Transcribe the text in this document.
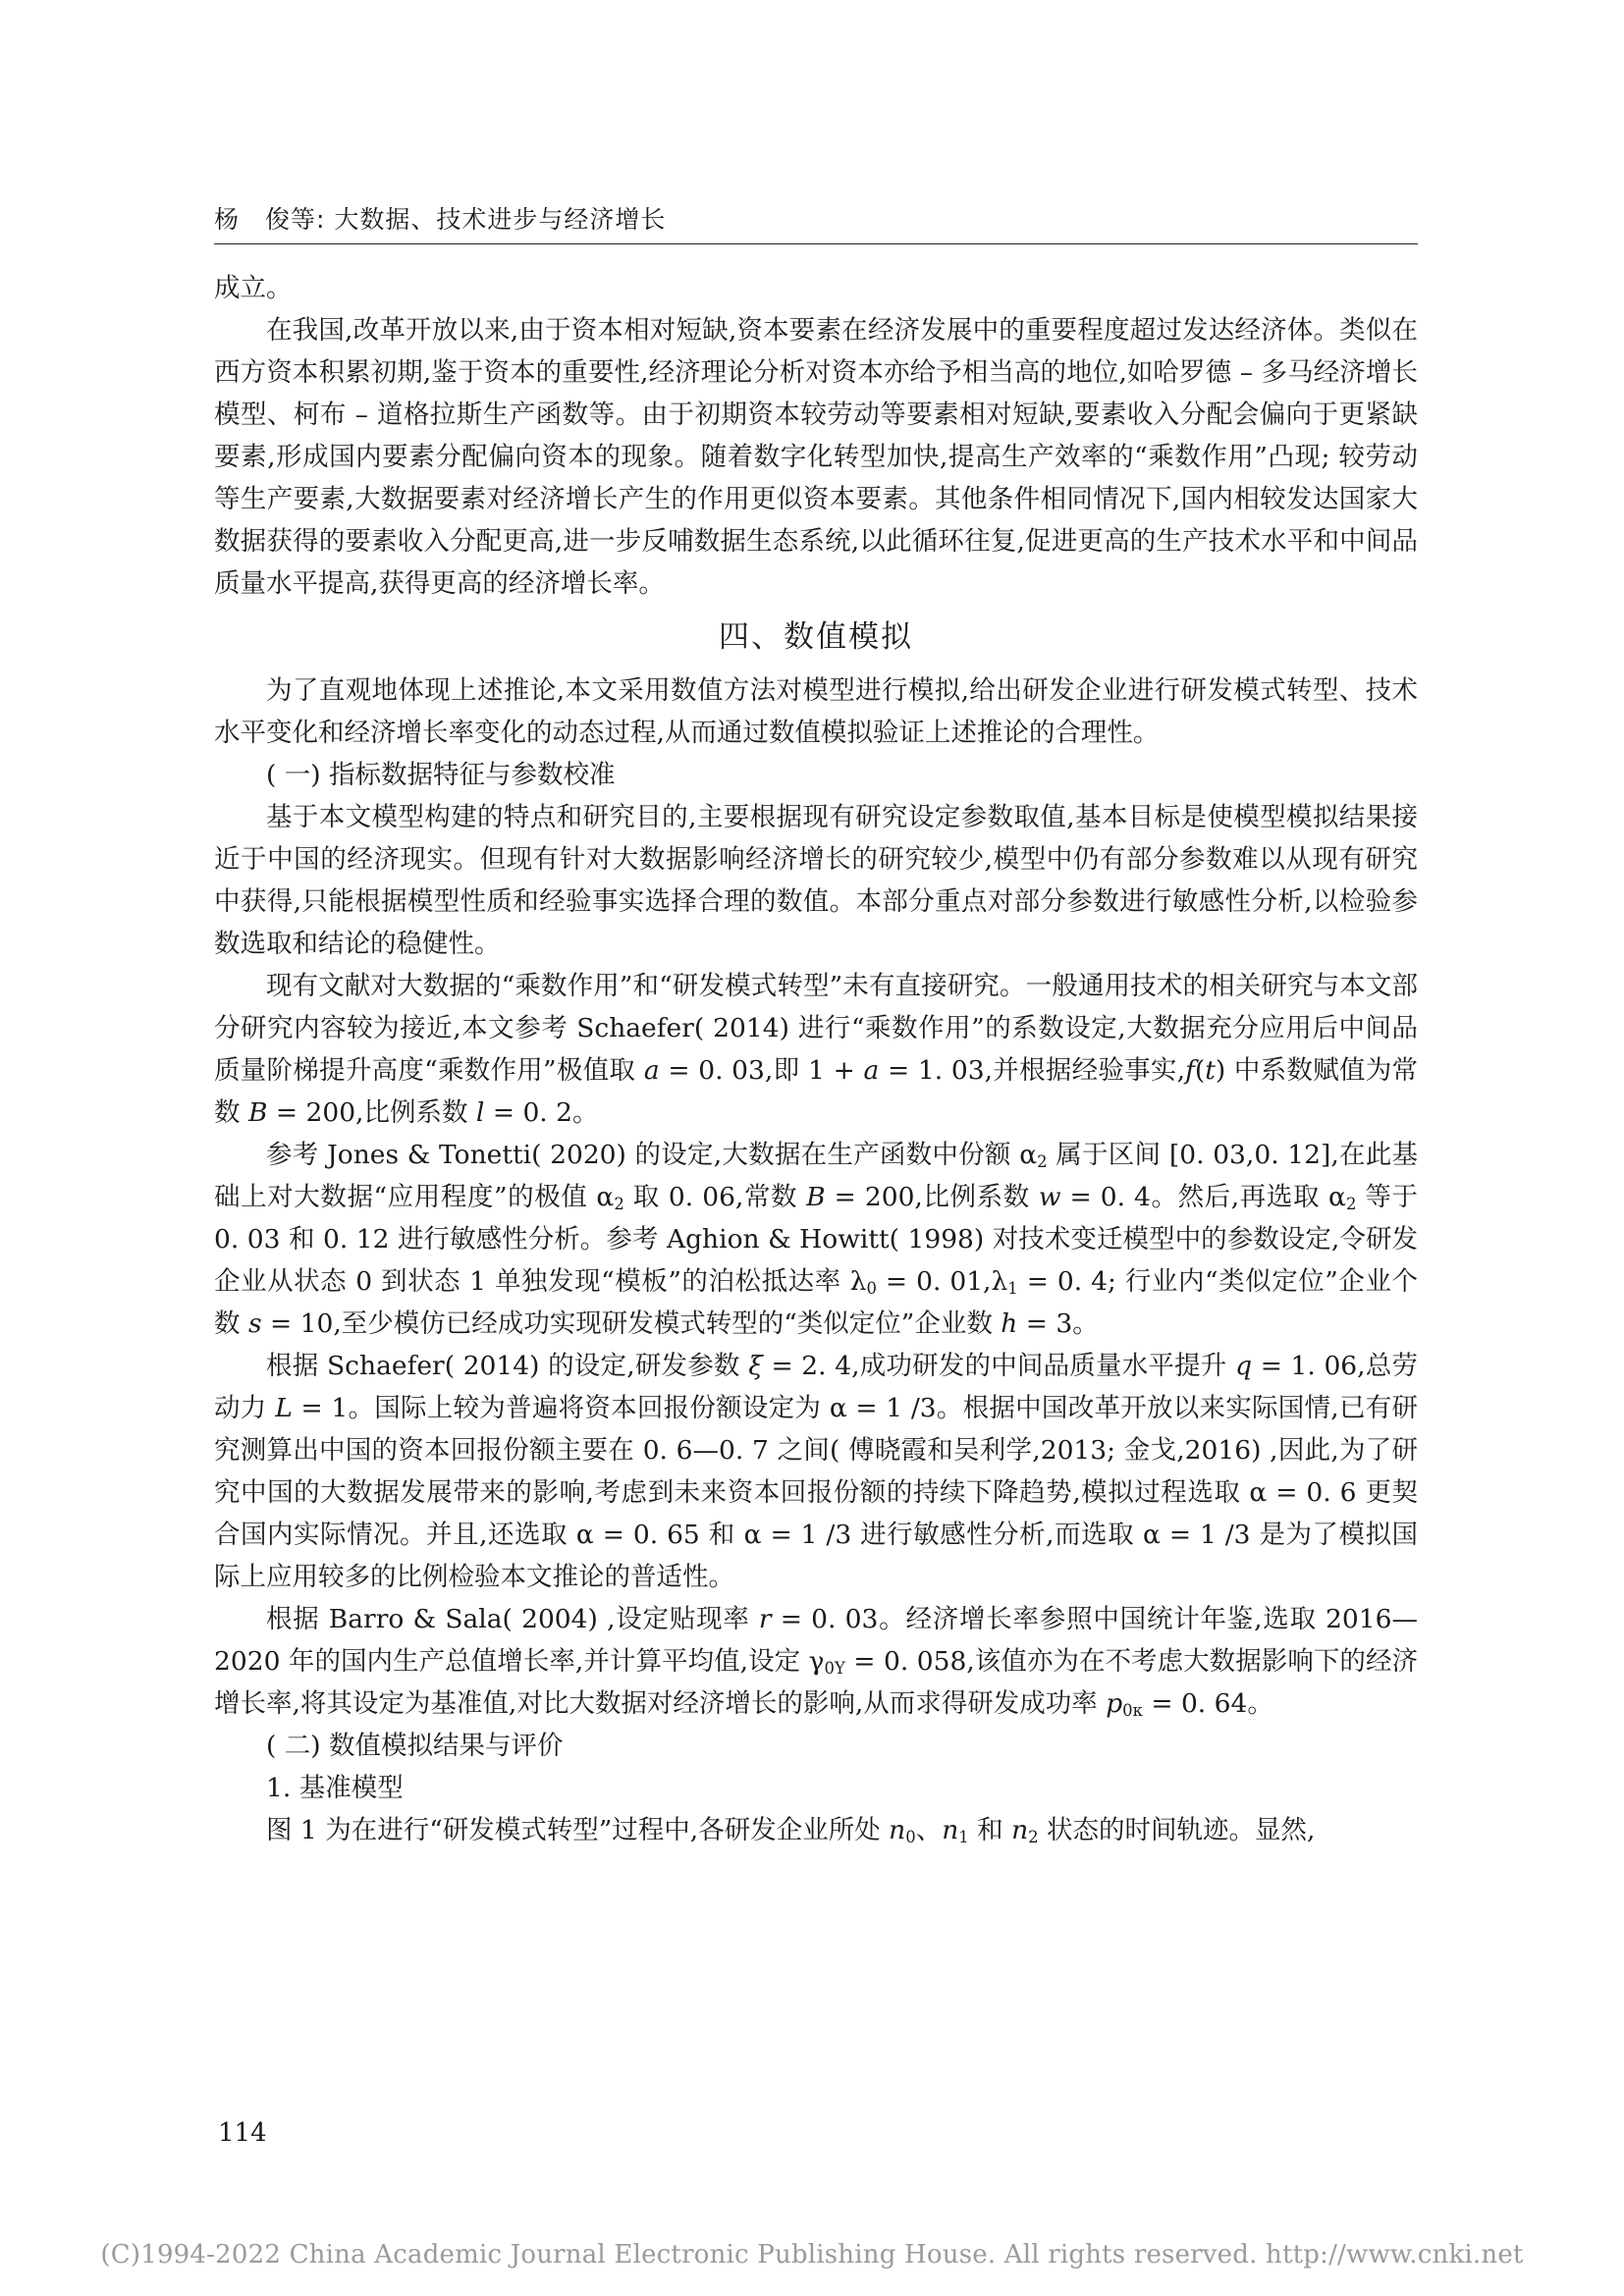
杨　俊等: 大数据、技术进步与经济增长

成立。

在我国,改革开放以来,由于资本相对短缺,资本要素在经济发展中的重要程度超过发达经济体。类似在西方资本积累初期,鉴于资本的重要性,经济理论分析对资本亦给予相当高的地位,如哈罗德 – 多马经济增长模型、柯布 – 道格拉斯生产函数等。由于初期资本较劳动等要素相对短缺,要素收入分配会偏向于更紧缺要素,形成国内要素分配偏向资本的现象。随着数字化转型加快,提高生产效率的“乘数作用”凸现; 较劳动等生产要素,大数据要素对经济增长产生的作用更似资本要素。其他条件相同情况下,国内相较发达国家大数据获得的要素收入分配更高,进一步反哺数据生态系统,以此循环往复,促进更高的生产技术水平和中间品质量水平提高,获得更高的经济增长率。

四、数值模拟

为了直观地体现上述推论,本文采用数值方法对模型进行模拟,给出研发企业进行研发模式转型、技术水平变化和经济增长率变化的动态过程,从而通过数值模拟验证上述推论的合理性。

( 一) 指标数据特征与参数校准

基于本文模型构建的特点和研究目的,主要根据现有研究设定参数取值,基本目标是使模型模拟结果接近于中国的经济现实。但现有针对大数据影响经济增长的研究较少,模型中仍有部分参数难以从现有研究中获得,只能根据模型性质和经验事实选择合理的数值。本部分重点对部分参数进行敏感性分析,以检验参数选取和结论的稳健性。

现有文献对大数据的“乘数作用”和“研发模式转型”未有直接研究。一般通用技术的相关研究与本文部分研究内容较为接近,本文参考 Schaefer( 2014) 进行“乘数作用”的系数设定,大数据充分应用后中间品质量阶梯提升高度“乘数作用”极值取 a = 0. 03,即 1 + a = 1. 03,并根据经验事实,f(t) 中系数赋值为常数 B = 200,比例系数 l = 0. 2。

参考 Jones & Tonetti( 2020) 的设定,大数据在生产函数中份额 $\alpha_2$ 属于区间 [0. 03,0. 12],在此基础上对大数据“应用程度”的极值 $\alpha_2$ 取 0. 06,常数 B = 200,比例系数 w = 0. 4。然后,再选取 $\alpha_2$ 等于 0. 03 和 0. 12 进行敏感性分析。参考 Aghion & Howitt( 1998) 对技术变迁模型中的参数设定,令研发企业从状态 0 到状态 1 单独发现“模板”的泊松抵达率 $\lambda_0 = 0$. $01,\lambda_1 = 0$. 4; 行业内“类似定位”企业个数 s = 10,至少模仿已经成功实现研发模式转型的“类似定位”企业数 h = 3。

根据 Schaefer( 2014) 的设定,研发参数 ξ = 2. 4,成功研发的中间品质量水平提升 q = 1. 06,总劳动力 L = 1。国际上较为普遍将资本回报份额设定为 α = 1 /3。根据中国改革开放以来实际国情,已有研究测算出中国的资本回报份额主要在 0. 6—0. 7 之间( 傅晓霞和吴利学,2013; 金戈,2016) ,因此,为了研究中国的大数据发展带来的影响,考虑到未来资本回报份额的持续下降趋势,模拟过程选取 α = 0. 6 更契合国内实际情况。并且,还选取 α = 0. 65 和 α = 1 /3 进行敏感性分析,而选取 α = 1 /3 是为了模拟国际上应用较多的比例检验本文推论的普适性。

根据 Barro & Sala( 2004) ,设定贴现率 r = 0. 03。经济增长率参照中国统计年鉴,选取 2016—2020 年的国内生产总值增长率,并计算平均值,设定 $\gamma_{0Y} = 0$. 058,该值亦为在不考虑大数据影响下的经济增长率,将其设定为基准值,对比大数据对经济增长的影响,从而求得研发成功率 $p_{0\kappa} = 0$. 64。

( 二) 数值模拟结果与评价

1. 基准模型

图 1 为在进行“研发模式转型”过程中,各研发企业所处 $n_0$、$n_1$ 和 $n_2$ 状态的时间轨迹。显然,

114
(C)1994-2022 China Academic Journal Electronic Publishing House. All rights reserved. http://www.cnki.net
